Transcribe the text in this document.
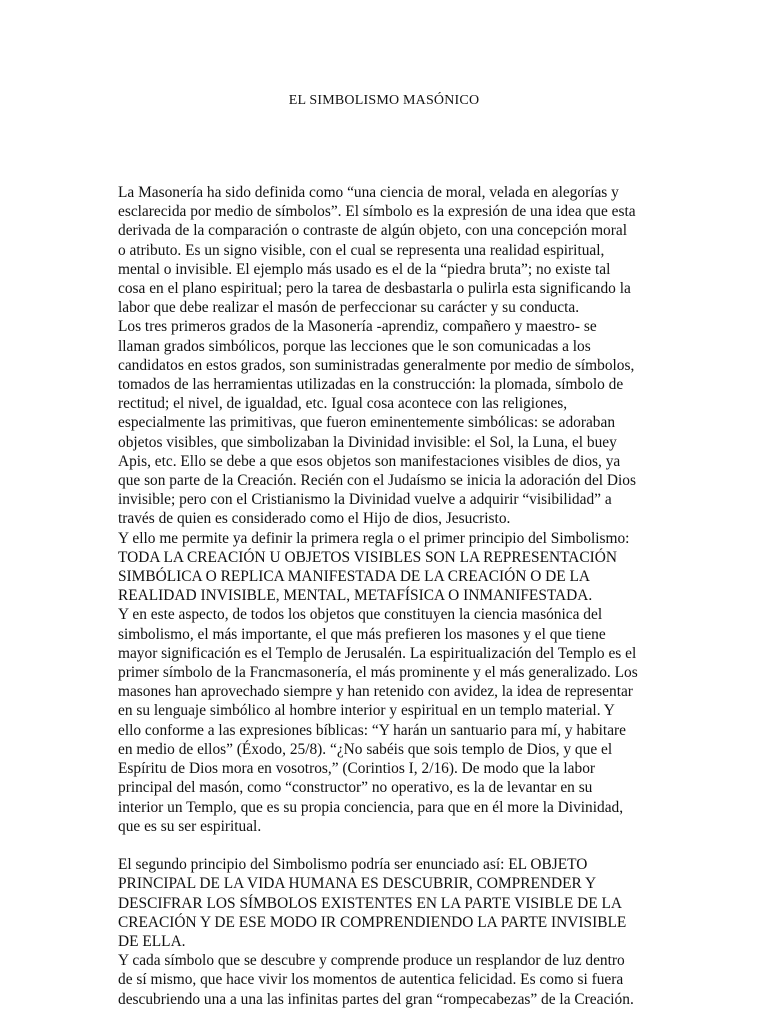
EL SIMBOLISMO MASÓNICO

La Masonería ha sido definida como “una ciencia de moral, velada en alegorías y esclarecida por medio de símbolos”. El símbolo es la expresión de una idea que esta derivada de la comparación o contraste de algún objeto, con una concepción moral o atributo. Es un signo visible, con el cual se representa una realidad espiritual, mental o invisible. El ejemplo más usado es el de la “piedra bruta”; no existe tal cosa en el plano espiritual; pero la tarea de desbastarla o pulirla esta significando la labor que debe realizar el masón de perfeccionar su carácter y su conducta.

Los tres primeros grados de la Masonería -aprendiz, compañero y maestro- se llaman grados simbólicos, porque las lecciones que le son comunicadas a los candidatos en estos grados, son suministradas generalmente por medio de símbolos, tomados de las herramientas utilizadas en la construcción: la plomada, símbolo de rectitud; el nivel, de igualdad, etc. Igual cosa acontece con las religiones, especialmente las primitivas, que fueron eminentemente simbólicas: se adoraban objetos visibles, que simbolizaban la Divinidad invisible: el Sol, la Luna, el buey Apis, etc. Ello se debe a que esos objetos son manifestaciones visibles de dios, ya que son parte de la Creación. Recién con el Judaísmo se inicia la adoración del Dios invisible; pero con el Cristianismo la Divinidad vuelve a adquirir “visibilidad” a través de quien es considerado como el Hijo de dios, Jesucristo.

Y ello me permite ya definir la primera regla o el primer principio del Simbolismo: TODA LA CREACIÓN U OBJETOS VISIBLES SON LA REPRESENTACIÓN SIMBÓLICA O REPLICA MANIFESTADA DE LA CREACIÓN O DE LA REALIDAD INVISIBLE, MENTAL, METAFÍSICA O INMANIFESTADA.

Y en este aspecto, de todos los objetos que constituyen la ciencia masónica del simbolismo, el más importante, el que más prefieren los masones y el que tiene mayor significación es el Templo de Jerusalén. La espiritualización del Templo es el primer símbolo de la Francmasonería, el más prominente y el más generalizado. Los masones han aprovechado siempre y han retenido con avidez, la idea de representar en su lenguaje simbólico al hombre interior y espiritual en un templo material. Y ello conforme a las expresiones bíblicas: “Y harán un santuario para mí, y habitare en medio de ellos” (Éxodo, 25/8). “¿No sabéis que sois templo de Dios, y que el Espíritu de Dios mora en vosotros,” (Corintios I, 2/16). De modo que la labor principal del masón, como “constructor” no operativo, es la de levantar en su interior un Templo, que es su propia conciencia, para que en él more la Divinidad, que es su ser espiritual.

El segundo principio del Simbolismo podría ser enunciado así: EL OBJETO PRINCIPAL DE LA VIDA HUMANA ES DESCUBRIR, COMPRENDER Y DESCIFRAR LOS SÍMBOLOS EXISTENTES EN LA PARTE VISIBLE DE LA CREACIÓN Y DE ESE MODO IR COMPRENDIENDO LA PARTE INVISIBLE DE ELLA.

Y cada símbolo que se descubre y comprende produce un resplandor de luz dentro de sí mismo, que hace vivir los momentos de autentica felicidad. Es como si fuera descubriendo una a una las infinitas partes del gran “rompecabezas” de la Creación.
